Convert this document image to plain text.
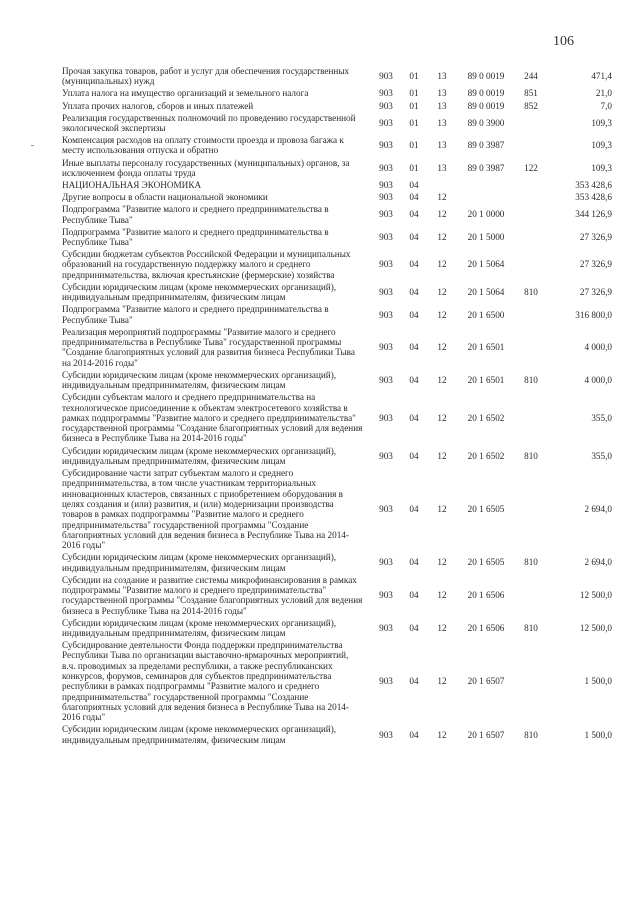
106
Прочая закупка товаров, работ и услуг для обеспечения государственных (муниципальных) нужд	903	01	13	89 0 0019	244	471,4
Уплата налога на имущество организаций и земельного налога	903	01	13	89 0 0019	851	21,0
Уплата прочих налогов, сборов и иных платежей	903	01	13	89 0 0019	852	7,0
Реализация государственных полномочий по проведению государственной экологической экспертизы	903	01	13	89 0 3900		109,3
Компенсация расходов на оплату стоимости проезда и провоза багажа к месту использования отпуска и обратно	903	01	13	89 0 3987		109,3
Иные выплаты персоналу государственных (муниципальных) органов, за исключением фонда оплаты труда	903	01	13	89 0 3987	122	109,3
НАЦИОНАЛЬНАЯ ЭКОНОМИКА	903	04				353 428,6
Другие вопросы в области национальной экономики	903	04	12			353 428,6
Подпрограмма "Развитие малого и среднего предпринимательства в Республике Тыва"	903	04	12	20 1 0000		344 126,9
Подпрограмма "Развитие малого и среднего предпринимательства в Республике Тыва"	903	04	12	20 1 5000		27 326,9
Субсидии бюджетам субъектов Российской Федерации и муниципальных образований на государственную поддержку малого и среднего предпринимательства, включая крестьянские (фермерские) хозяйства	903	04	12	20 1 5064		27 326,9
Субсидии юридическим лицам (кроме некоммерческих организаций), индивидуальным предпринимателям, физическим лицам	903	04	12	20 1 5064	810	27 326,9
Подпрограмма "Развитие малого и среднего предпринимательства в Республике Тыва"	903	04	12	20 1 6500		316 800,0
Реализация мероприятий подпрограммы "Развитие малого и среднего предпринимательства в Республике Тыва" государственной программы "Создание благоприятных условий для развития бизнеса Республики Тыва на 2014-2016 годы"	903	04	12	20 1 6501		4 000,0
Субсидии юридическим лицам (кроме некоммерческих организаций), индивидуальным предпринимателям, физическим лицам	903	04	12	20 1 6501	810	4 000,0
Субсидии субъектам малого и среднего предпринимательства на технологическое присоединение к объектам электросетевого хозяйства в рамках подпрограммы "Развитие малого и среднего предпринимательства" государственной программы "Создание благоприятных условий для ведения бизнеса в Республике Тыва на 2014-2016 годы"	903	04	12	20 1 6502		355,0
Субсидии юридическим лицам (кроме некоммерческих организаций), индивидуальным предпринимателям, физическим лицам	903	04	12	20 1 6502	810	355,0
Субсидирование части затрат субъектам малого и среднего предпринимательства, в том числе участникам территориальных инновационных кластеров, связанных с приобретением оборудования в целях создания и (или) развития, и (или) модернизации производства товаров в рамках подпрограммы "Развитие малого и среднего предпринимательства" государственной программы "Создание благоприятных условий для ведения бизнеса в Республике Тыва на 2014-2016 годы"	903	04	12	20 1 6505		2 694,0
Субсидии юридическим лицам (кроме некоммерческих организаций), индивидуальным предпринимателям, физическим лицам	903	04	12	20 1 6505	810	2 694,0
Субсидии на создание и развитие системы микрофинансирования в рамках подпрограммы "Развитие малого и среднего предпринимательства" государственной программы "Создание благоприятных условий для ведения бизнеса в Республике Тыва на 2014-2016 годы"	903	04	12	20 1 6506		12 500,0
Субсидии юридическим лицам (кроме некоммерческих организаций), индивидуальным предпринимателям, физическим лицам	903	04	12	20 1 6506	810	12 500,0
Субсидирование деятельности Фонда поддержки предпринимательства Республики Тыва по организации выставочно-ярмарочных мероприятий, в.ч. проводимых за пределами республики, а также республиканских конкурсов, форумов, семинаров для субъектов предпринимательства республики в рамках подпрограммы "Развитие малого и среднего предпринимательства" государственной программы "Создание благоприятных условий для ведения бизнеса в Республике Тыва на 2014-2016 годы"	903	04	12	20 1 6507		1 500,0
Субсидии юридическим лицам (кроме некоммерческих организаций), индивидуальным предпринимателям, физическим лицам	903	04	12	20 1 6507	810	1 500,0
